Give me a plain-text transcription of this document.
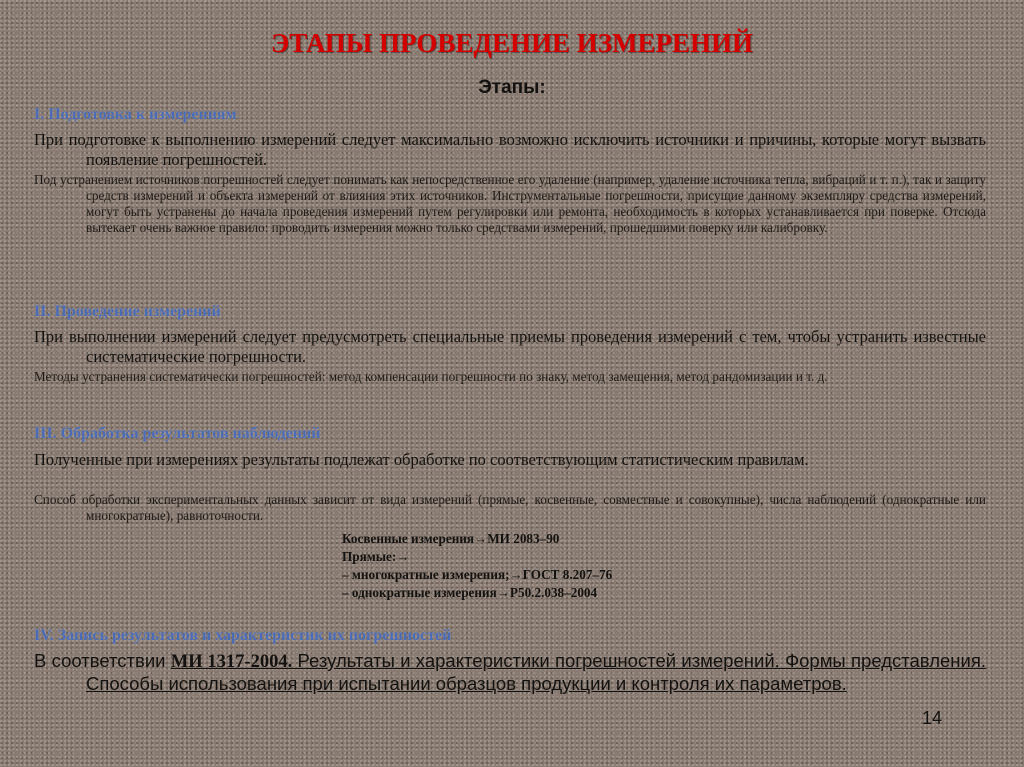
ЭТАПЫ ПРОВЕДЕНИЕ ИЗМЕРЕНИЙ
Этапы:
I. Подготовка к измерениям
При подготовке к выполнению измерений следует максимально возможно исключить источники и причины, которые могут вызвать появление погрешностей.
Под устранением источников погрешностей следует понимать как непосредственное его удаление (например, удаление источника тепла, вибраций и т. п.), так и защиту средств измерений и объекта измерений от влияния этих источников. Инструментальные погрешности, присущие данному экземпляру средства измерений, могут быть устранены до начала проведения измерений путем регулировки или ремонта, необходимость в которых устанавливается при поверке. Отсюда вытекает очень важное правило: проводить измерения можно только средствами измерений, прошедшими поверку или калибровку.
II. Проведение измерений
При выполнении измерений следует предусмотреть специальные приемы проведения измерений с тем, чтобы устранить известные систематические погрешности.
Методы устранения систематически погрешностей: метод компенсации погрешности по знаку, метод замещения, метод рандомизации и т. д.
III. Обработка результатов наблюдений
Полученные при измерениях результаты подлежат обработке по соответствующим статистическим правилам.
Способ обработки экспериментальных данных зависит от вида измерений (прямые, косвенные, совместные и совокупные), числа наблюдений (однократные или многократные), равноточности.
Косвенные измерения→МИ 2083–90
Прямые:→
– многократные измерения;→ГОСТ 8.207–76
– однократные измерения→Р50.2.038–2004
IV. Запись результатов и характеристик их погрешностей
В соответствии МИ 1317-2004. Результаты и характеристики погрешностей измерений. Формы представления. Способы использования при испытании образцов продукции и контроля их параметров.
14
